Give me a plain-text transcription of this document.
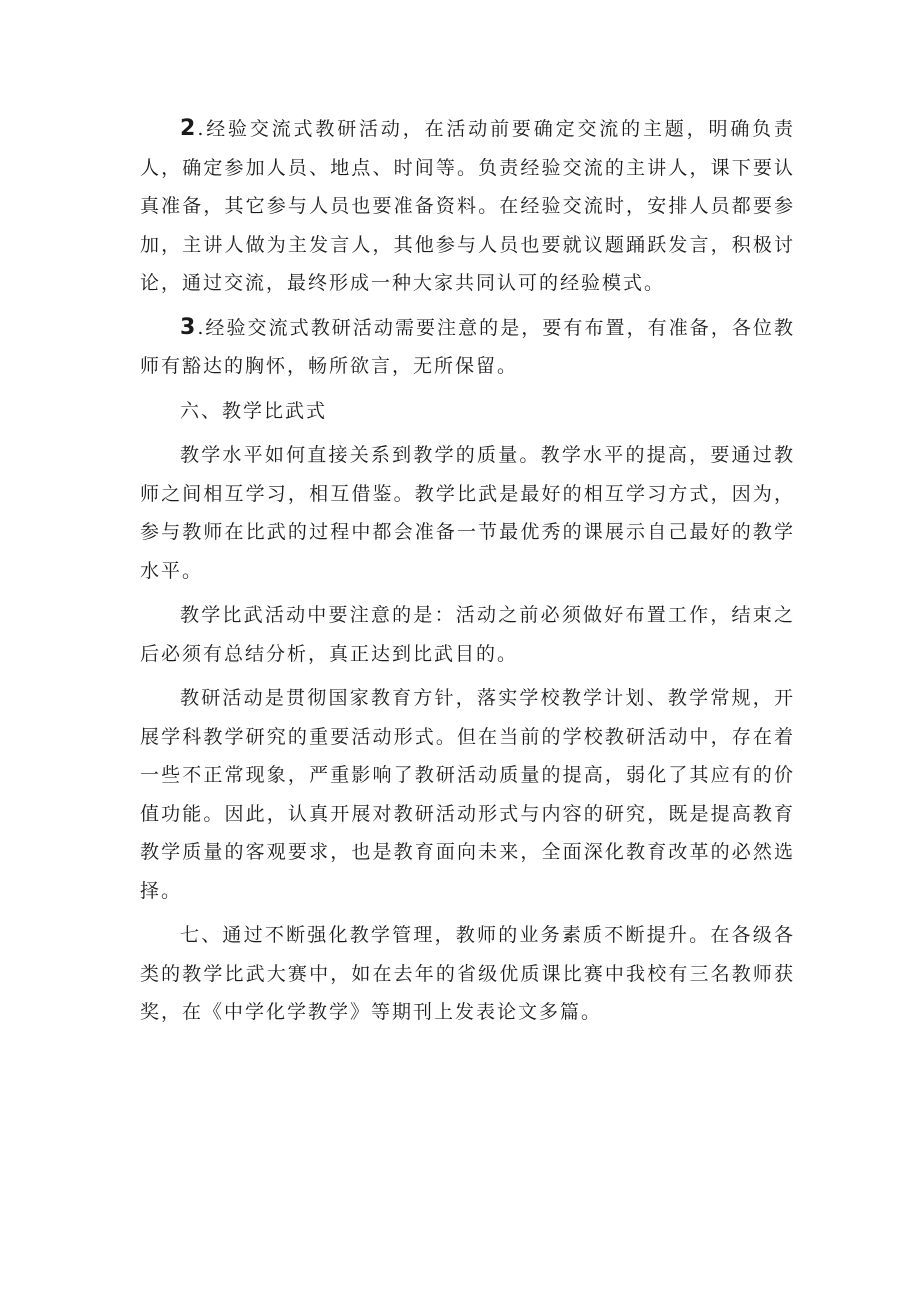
2 .经验交流式教研活动，在活动前要确定交流的主题，明确负责人，确定参加人员、地点、时间等。负责经验交流的主讲人，课下要认真准备，其它参与人员也要准备资料。在经验交流时，安排人员都要参加，主讲人做为主发言人，其他参与人员也要就议题踊跃发言，积极讨论，通过交流，最终形成一种大家共同认可的经验模式。

3 .经验交流式教研活动需要注意的是，要有布置，有准备，各位教师有豁达的胸怀，畅所欲言，无所保留。

六、教学比武式

教学水平如何直接关系到教学的质量。教学水平的提高，要通过教师之间相互学习，相互借鉴。教学比武是最好的相互学习方式，因为，参与教师在比武的过程中都会准备一节最优秀的课展示自己最好的教学水平。

教学比武活动中要注意的是：活动之前必须做好布置工作，结束之后必须有总结分析，真正达到比武目的。

教研活动是贯彻国家教育方针，落实学校教学计划、教学常规，开展学科教学研究的重要活动形式。但在当前的学校教研活动中，存在着一些不正常现象，严重影响了教研活动质量的提高，弱化了其应有的价值功能。因此，认真开展对教研活动形式与内容的研究，既是提高教育教学质量的客观要求，也是教育面向未来，全面深化教育改革的必然选择。

七、通过不断强化教学管理，教师的业务素质不断提升。在各级各类的教学比武大赛中，如在去年的省级优质课比赛中我校有三名教师获奖，在《中学化学教学》等期刊上发表论文多篇。
